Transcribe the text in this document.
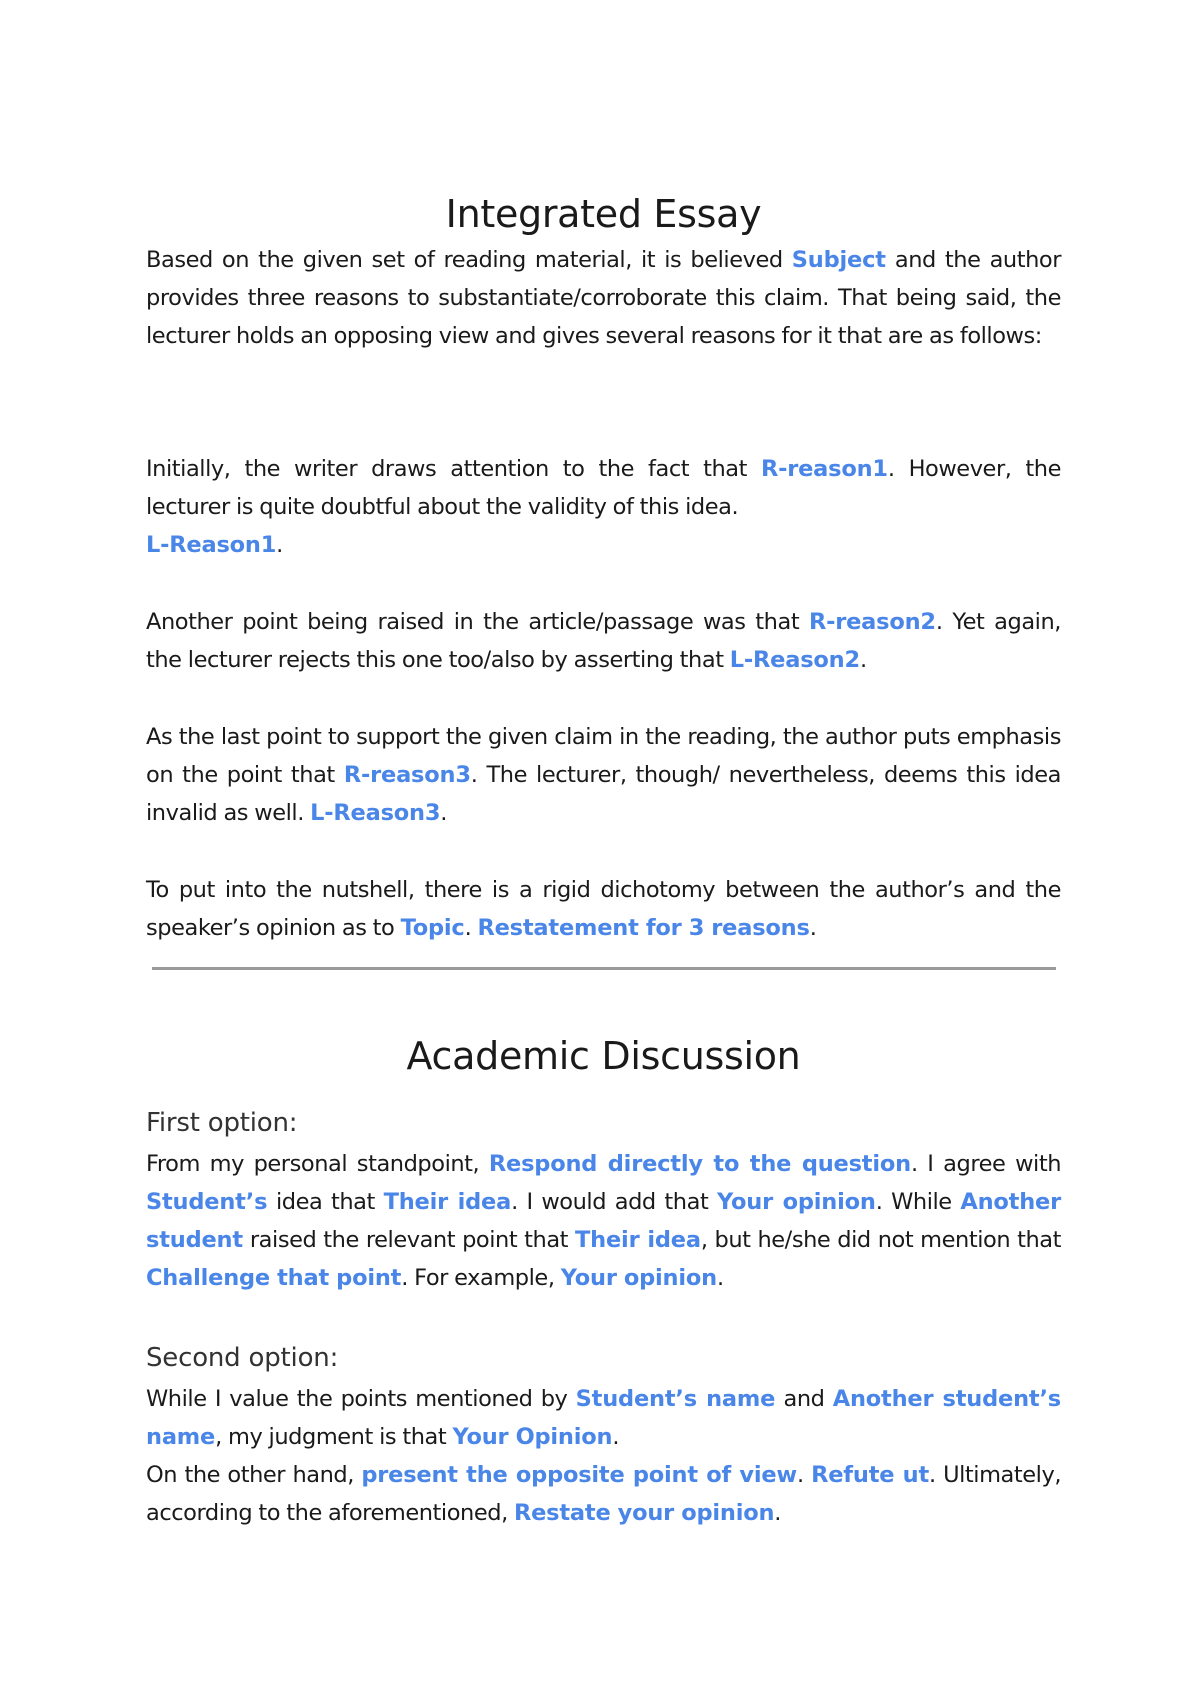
Integrated Essay

Based on the given set of reading material, it is believed Subject and the author provides three reasons to substantiate/corroborate this claim. That being said, the lecturer holds an opposing view and gives several reasons for it that are as follows:

Initially, the writer draws attention to the fact that R-reason1. However, the lecturer is quite doubtful about the validity of this idea.
L-Reason1.

Another point being raised in the article/passage was that R-reason2. Yet again, the lecturer rejects this one too/also by asserting that L-Reason2.

As the last point to support the given claim in the reading, the author puts emphasis on the point that R-reason3. The lecturer, though/ nevertheless, deems this idea invalid as well. L-Reason3.

To put into the nutshell, there is a rigid dichotomy between the author’s and the speaker’s opinion as to Topic. Restatement for 3 reasons.

Academic Discussion
First option:

From my personal standpoint, Respond directly to the question. I agree with Student’s idea that Their idea. I would add that Your opinion. While Another student raised the relevant point that Their idea, but he/she did not mention that Challenge that point. For example, Your opinion.

Second option:

While I value the points mentioned by Student’s name and Another student’s name, my judgment is that Your Opinion.
On the other hand, present the opposite point of view. Refute ut. Ultimately, according to the aforementioned, Restate your opinion.
